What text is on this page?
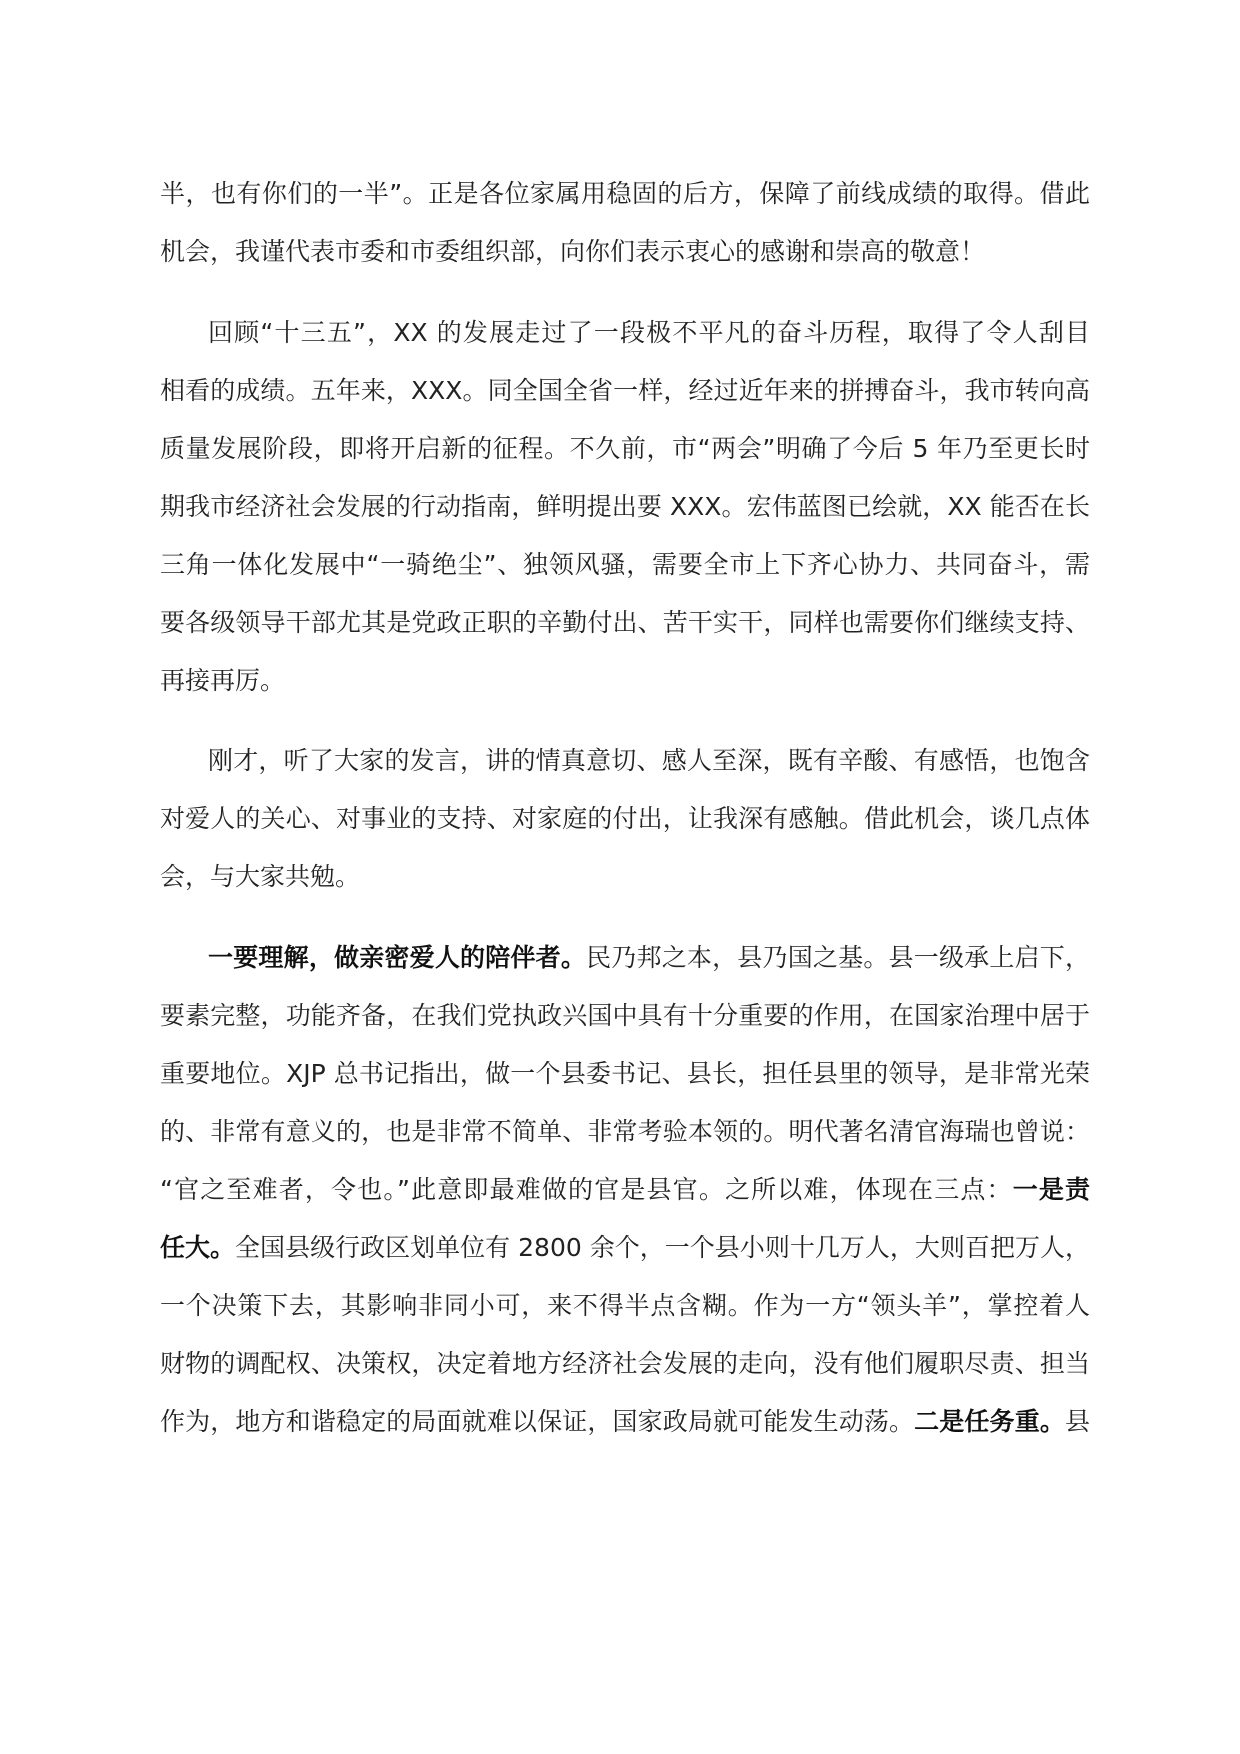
半，也有你们的一半”。正是各位家属用稳固的后方，保障了前线成绩的取得。借此
机会，我谨代表市委和市委组织部，向你们表示衷心的感谢和崇高的敬意！
回顾“十三五”，XX 的发展走过了一段极不平凡的奋斗历程，取得了令人刮目
相看的成绩。五年来，XXX。同全国全省一样，经过近年来的拼搏奋斗，我市转向高
质量发展阶段，即将开启新的征程。不久前，市“两会”明确了今后 5 年乃至更长时
期我市经济社会发展的行动指南，鲜明提出要 XXX。宏伟蓝图已绘就，XX 能否在长
三角一体化发展中“一骑绝尘”、独领风骚，需要全市上下齐心协力、共同奋斗，需
要各级领导干部尤其是党政正职的辛勤付出、苦干实干，同样也需要你们继续支持、
再接再厉。
刚才，听了大家的发言，讲的情真意切、感人至深，既有辛酸、有感悟，也饱含
对爱人的关心、对事业的支持、对家庭的付出，让我深有感触。借此机会，谈几点体
会，与大家共勉。
一要理解，做亲密爱人的陪伴者。民乃邦之本，县乃国之基。县一级承上启下，
要素完整，功能齐备，在我们党执政兴国中具有十分重要的作用，在国家治理中居于
重要地位。XJP 总书记指出，做一个县委书记、县长，担任县里的领导，是非常光荣
的、非常有意义的，也是非常不简单、非常考验本领的。明代著名清官海瑞也曾说：
“官之至难者，令也。”此意即最难做的官是县官。之所以难，体现在三点：一是责
任大。全国县级行政区划单位有 2800 余个，一个县小则十几万人，大则百把万人，
一个决策下去，其影响非同小可，来不得半点含糊。作为一方“领头羊”，掌控着人
财物的调配权、决策权，决定着地方经济社会发展的走向，没有他们履职尽责、担当
作为，地方和谐稳定的局面就难以保证，国家政局就可能发生动荡。二是任务重。县
